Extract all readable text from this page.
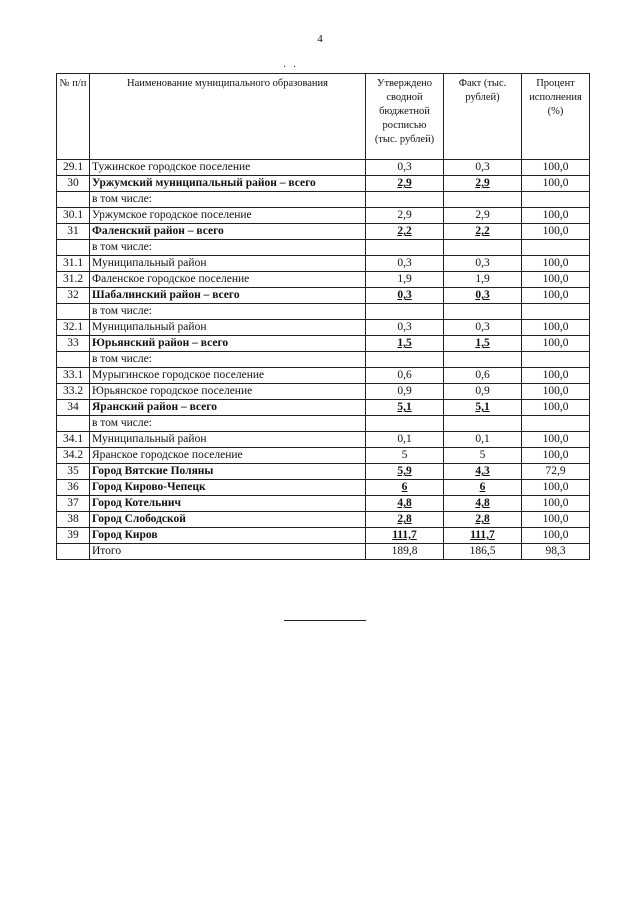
4
· ·
№ п/п	Наименование муниципального образования	Утверждено
сводной
бюджетной
росписью
(тыс. рублей)	Факт (тыс. рублей)	Процент исполнения (%)
29.1	Тужинское городское поселение	0,3	0,3	100,0
30	Уржумский муниципальный район – всего	2,9	2,9	100,0
	в том числе:			
30.1	Уржумское городское поселение	2,9	2,9	100,0
31	Фаленский район – всего	2,2	2,2	100,0
	в том числе:			
31.1	Муниципальный район	0,3	0,3	100,0
31.2	Фаленское городское поселение	1,9	1,9	100,0
32	Шабалинский район – всего	0,3	0,3	100,0
	в том числе:			
32.1	Муниципальный район	0,3	0,3	100,0
33	Юрьянский район – всего	1,5	1,5	100,0
	в том числе:			
33.1	Мурыгинское городское поселение	0,6	0,6	100,0
33.2	Юрьянское городское поселение	0,9	0,9	100,0
34	Яранский район – всего	5,1	5,1	100,0
	в том числе:			
34.1	Муниципальный район	0,1	0,1	100,0
34.2	Яранское городское поселение	5	5	100,0
35	Город Вятские Поляны	5,9	4,3	72,9
36	Город Кирово-Чепецк	6	6	100,0
37	Город Котельнич	4,8	4,8	100,0
38	Город Слободской	2,8	2,8	100,0
39	Город Киров	111,7	111,7	100,0
	Итого	189,8	186,5	98,3
